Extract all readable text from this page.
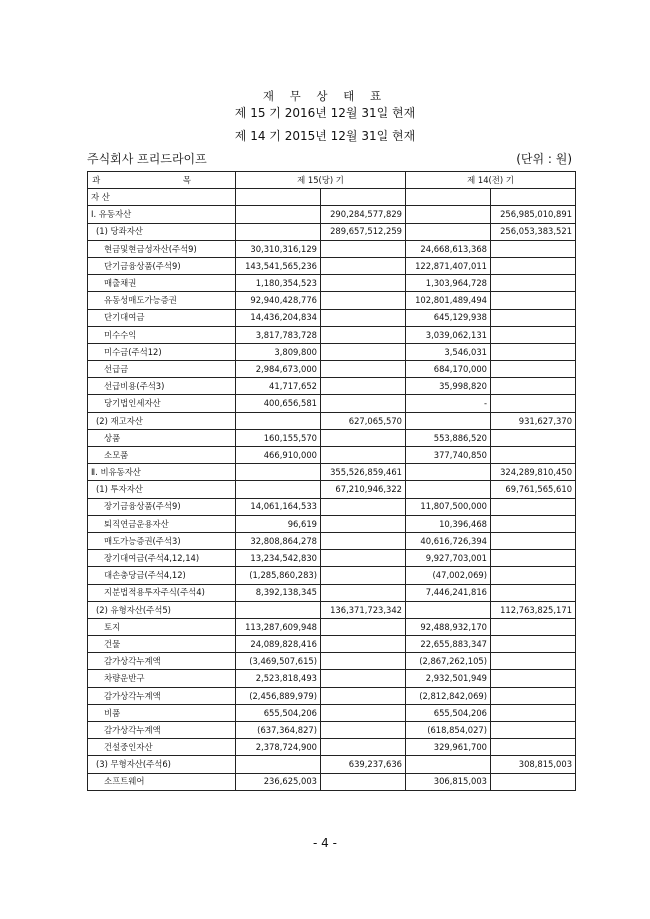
재 무 상 태 표
제 15 기 2016년 12월 31일 현재
제 14 기 2015년 12월 31일 현재
주식회사 프리드라이프	(단위 : 원)
과 목	제 15(당) 기		제 14(전) 기	
자 산				
Ⅰ. 유동자산		290,284,577,829		256,985,010,891
(1) 당좌자산		289,657,512,259		256,053,383,521
현금및현금성자산(주석9)	30,310,316,129		24,668,613,368	
단기금융상품(주석9)	143,541,565,236		122,871,407,011	
매출채권	1,180,354,523		1,303,964,728	
유동성매도가능증권	92,940,428,776		102,801,489,494	
단기대여금	14,436,204,834		645,129,938	
미수수익	3,817,783,728		3,039,062,131	
미수금(주석12)	3,809,800		3,546,031	
선급금	2,984,673,000		684,170,000	
선급비용(주석3)	41,717,652		35,998,820	
당기법인세자산	400,656,581		-	
(2) 재고자산		627,065,570		931,627,370
상품	160,155,570		553,886,520	
소모품	466,910,000		377,740,850	
Ⅱ. 비유동자산		355,526,859,461		324,289,810,450
(1) 투자자산		67,210,946,322		69,761,565,610
장기금융상품(주석9)	14,061,164,533		11,807,500,000	
퇴직연금운용자산	96,619		10,396,468	
매도가능증권(주석3)	32,808,864,278		40,616,726,394	
장기대여금(주석4,12,14)	13,234,542,830		9,927,703,001	
대손충당금(주석4,12)	(1,285,860,283)		(47,002,069)	
지분법적용투자주식(주석4)	8,392,138,345		7,446,241,816	
(2) 유형자산(주석5)		136,371,723,342		112,763,825,171
토지	113,287,609,948		92,488,932,170	
건물	24,089,828,416		22,655,883,347	
감가상각누계액	(3,469,507,615)		(2,867,262,105)	
차량운반구	2,523,818,493		2,932,501,949	
감가상각누계액	(2,456,889,979)		(2,812,842,069)	
비품	655,504,206		655,504,206	
감가상각누계액	(637,364,827)		(618,854,027)	
건설중인자산	2,378,724,900		329,961,700	
(3) 무형자산(주석6)		639,237,636		308,815,003
소프트웨어	236,625,003		306,815,003	
- 4 -
